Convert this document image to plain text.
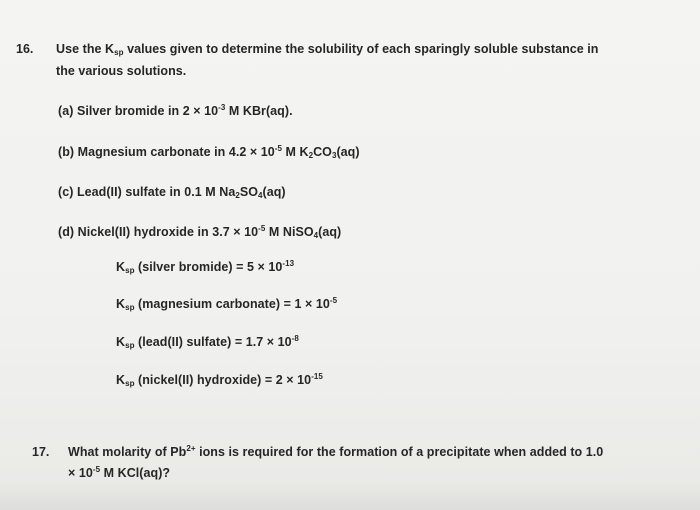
16. Use the $K_{sp}$ values given to determine the solubility of each sparingly soluble substance in
the various solutions.
(a) Silver bromide in $2 \times 10^{-3}$ M KBr(aq).
(b) Magnesium carbonate in $4.2 \times 10^{-5}$ M $K_2CO_3(aq)$
(c) Lead(II) sulfate in 0.1 M $Na_2SO_4(aq)$
(d) Nickel(II) hydroxide in $3.7 \times 10^{-5}$ M NiSO$_4$(aq)
$K_{sp}$ (silver bromide) = $5 \times 10^{-13}$
$K_{sp}$ (magnesium carbonate) = $1 \times 10^{-5}$
$K_{sp}$ (lead(II) sulfate) = $1.7 \times 10^{-8}$
$K_{sp}$ (nickel(II) hydroxide) = $2 \times 10^{-15}$
17. What molarity of $Pb^{2+}$ ions is required for the formation of a precipitate when added to 1.0
× $10^{-5}$ M KCl(aq)?
